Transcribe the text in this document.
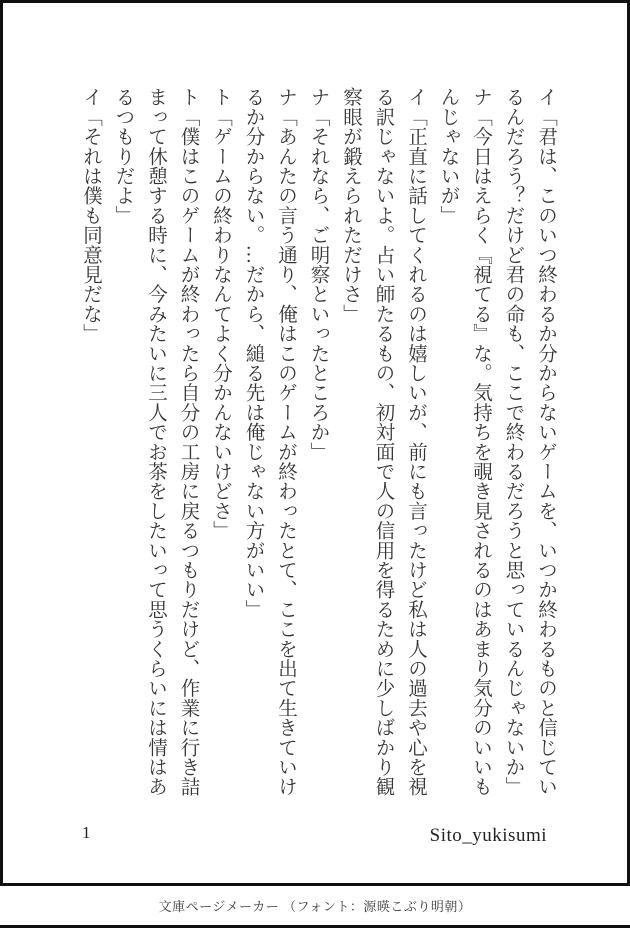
イ「君は、このいつ終わるか分からないゲームを、いつか終わるものと信じてい
るんだろう？だけど君の命も、ここで終わるだろうと思っているんじゃないか」
ナ「今日はえらく『視てる』な。気持ちを覗き見されるのはあまり気分のいいも
んじゃないが」
イ「正直に話してくれるのは嬉しいが、前にも言ったけど私は人の過去や心を視
る訳じゃないよ。占い師たるもの、初対面で人の信用を得るために少しばかり観
察眼が鍛えられただけさ」
ナ「それなら、ご明察といったところか」
ナ「あんたの言う通り、俺はこのゲームが終わったとて、ここを出て生きていけ
るか分からない。…だから、縋る先は俺じゃない方がいい」
ト「ゲームの終わりなんてよく分かんないけどさ」
ト「僕はこのゲームが終わったら自分の工房に戻るつもりだけど、作業に行き詰
まって休憩する時に、今みたいに三人でお茶をしたいって思うくらいには情はあ
るつもりだよ」
イ「それは僕も同意見だな」
1	Sito_yukisumi
文庫ページメーカー （フォント：源暎こぶり明朝）
